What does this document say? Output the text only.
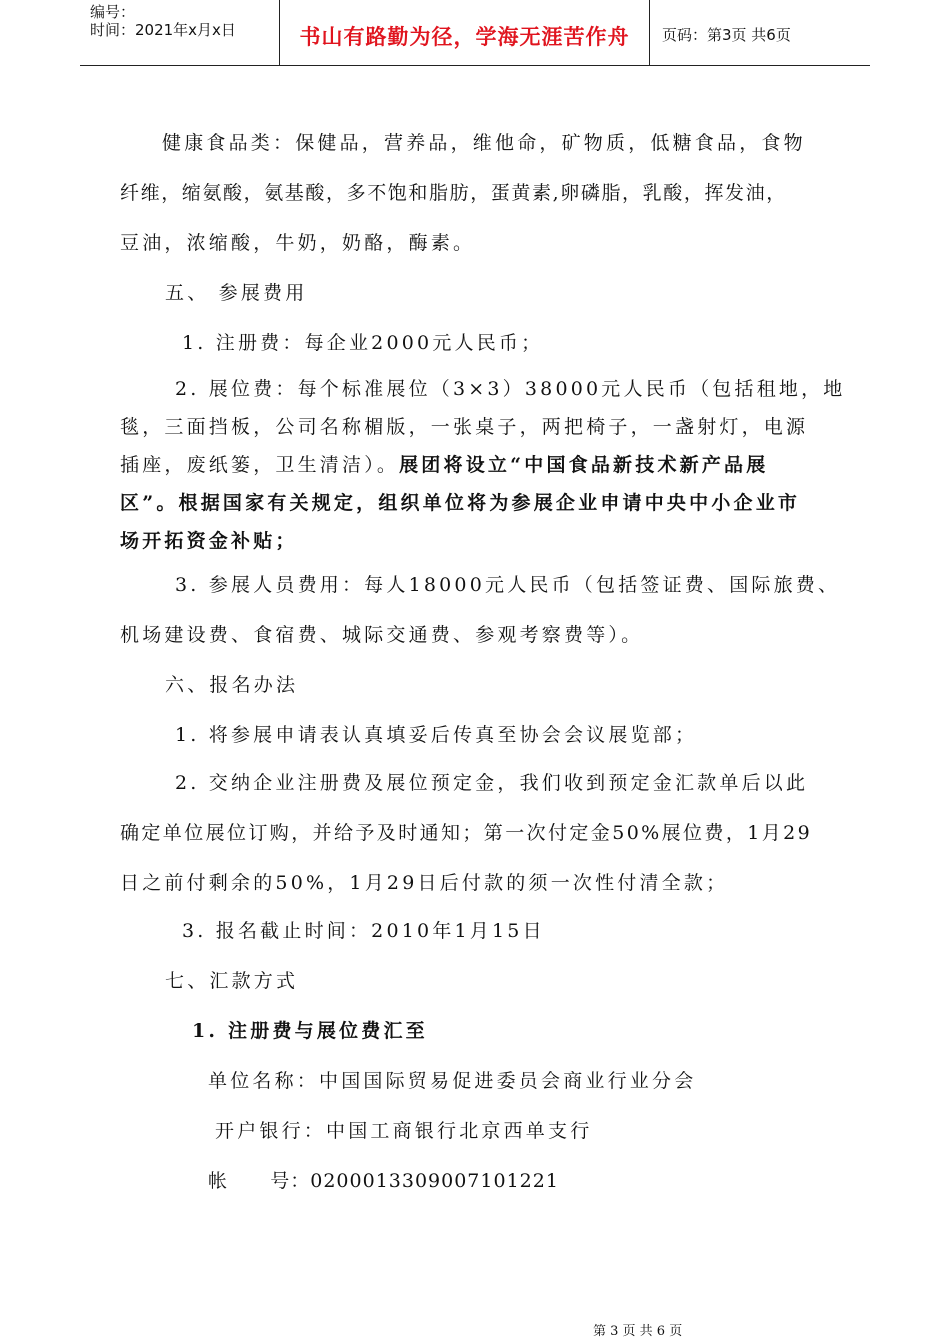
编号：
时间：2021年x月x日	书山有路勤为径，学海无涯苦作舟	页码：第3页 共6页
健康食品类：保健品，营养品，维他命，矿物质，低糖食品，食物
纤维，缩氨酸，氨基酸，多不饱和脂肪，蛋黄素,卵磷脂，乳酸，挥发油，
豆油，浓缩酸，牛奶，奶酪，酶素。
五、 参展费用
1. 注册费：每企业2000元人民币；
2. 展位费：每个标准展位（3×3）38000元人民币（包括租地，地
毯，三面挡板，公司名称楣版，一张桌子，两把椅子，一盏射灯，电源
插座，废纸篓，卫生清洁）。展团将设立“中国食品新技术新产品展
区”。根据国家有关规定，组织单位将为参展企业申请中央中小企业市
场开拓资金补贴；
3. 参展人员费用：每人18000元人民币（包括签证费、国际旅费、
机场建设费、食宿费、城际交通费、参观考察费等）。
六、报名办法
1. 将参展申请表认真填妥后传真至协会会议展览部；
2. 交纳企业注册费及展位预定金，我们收到预定金汇款单后以此
确定单位展位订购，并给予及时通知；第一次付定金50%展位费，1月29
日之前付剩余的50%，1月29日后付款的须一次性付清全款；
3. 报名截止时间：2010年1月15日
七、汇款方式
1. 注册费与展位费汇至
单位名称：中国国际贸易促进委员会商业行业分会
开户银行：中国工商银行北京西单支行
帐      号：0200013309007101221
第 3 页 共 6 页
